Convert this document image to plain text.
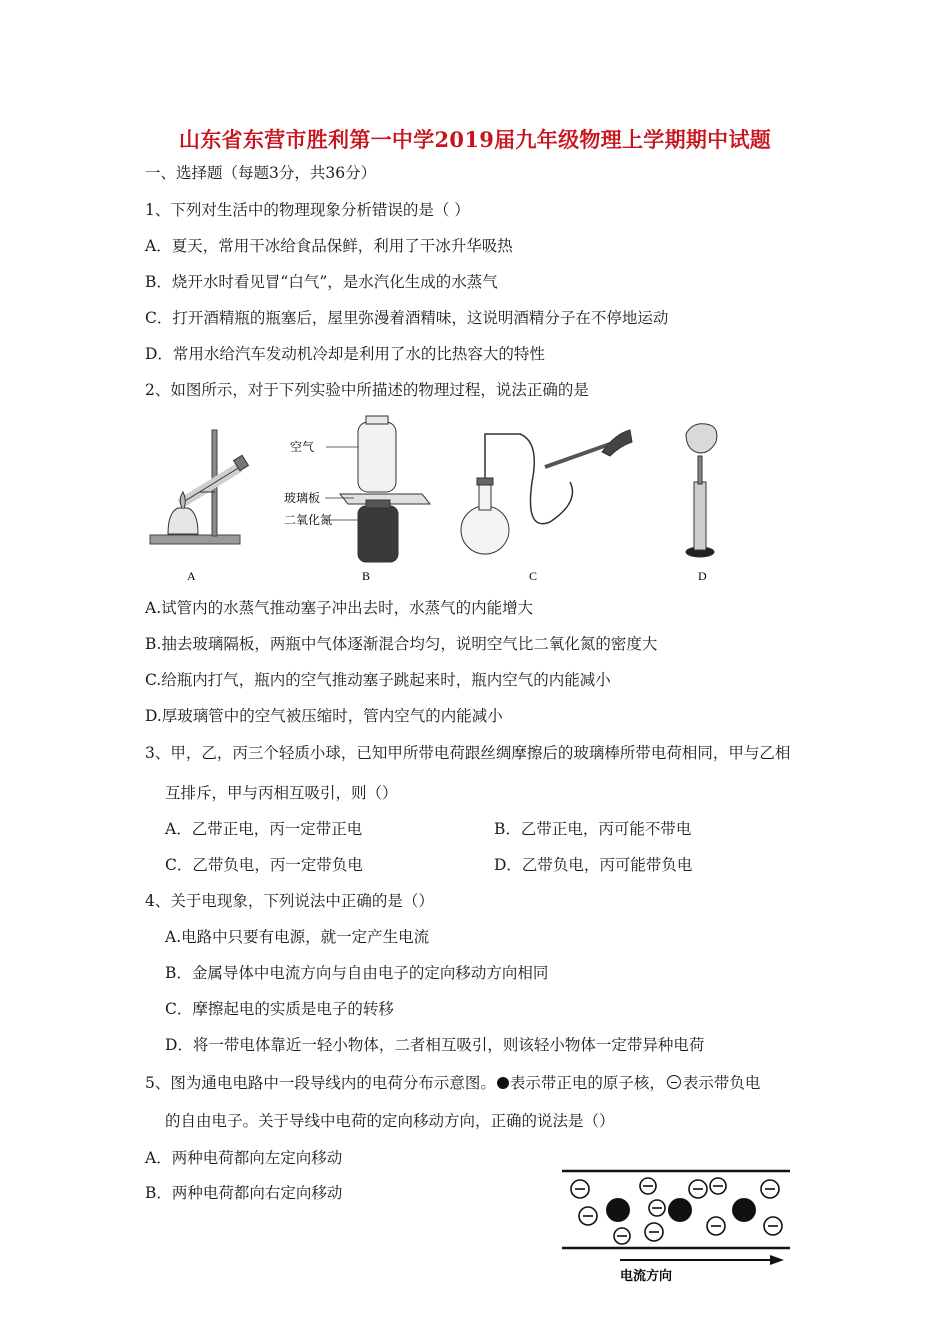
山东省东营市胜利第一中学2019届九年级物理上学期期中试题
一、选择题（每题3分，共36分）
1、下列对生活中的物理现象分析错误的是（ ）
A．夏天，常用干冰给食品保鲜，利用了干冰升华吸热
B．烧开水时看见冒“白气”，是水汽化生成的水蒸气
C．打开酒精瓶的瓶塞后，屋里弥漫着酒精味，这说明酒精分子在不停地运动
D．常用水给汽车发动机冷却是利用了水的比热容大的特性
2、如图所示，对于下列实验中所描述的物理过程，说法正确的是
A	B	C	D
空气
玻璃板
二氧化氮
A.试管内的水蒸气推动塞子冲出去时，水蒸气的内能增大
B.抽去玻璃隔板，两瓶中气体逐渐混合均匀，说明空气比二氧化氮的密度大
C.给瓶内打气，瓶内的空气推动塞子跳起来时，瓶内空气的内能减小
D.厚玻璃管中的空气被压缩时，管内空气的内能减小
3、甲，乙，丙三个轻质小球，已知甲所带电荷跟丝绸摩擦后的玻璃棒所带电荷相同，甲与乙相
互排斥，甲与丙相互吸引，则（）
A．乙带正电，丙一定带正电	B．乙带正电，丙可能不带电
C．乙带负电，丙一定带负电	D．乙带负电，丙可能带负电
4、关于电现象，下列说法中正确的是（）
A.电路中只要有电源，就一定产生电流
B．金属导体中电流方向与自由电子的定向移动方向相同
C．摩擦起电的实质是电子的转移
D．将一带电体靠近一轻小物体，二者相互吸引，则该轻小物体一定带异种电荷
5、图为通电电路中一段导线内的电荷分布示意图。 表示带正电的原子核， 表示带负电
的自由电子。关于导线中电荷的定向移动方向，正确的说法是（）
A．两种电荷都向左定向移动
B．两种电荷都向右定向移动
电流方向
